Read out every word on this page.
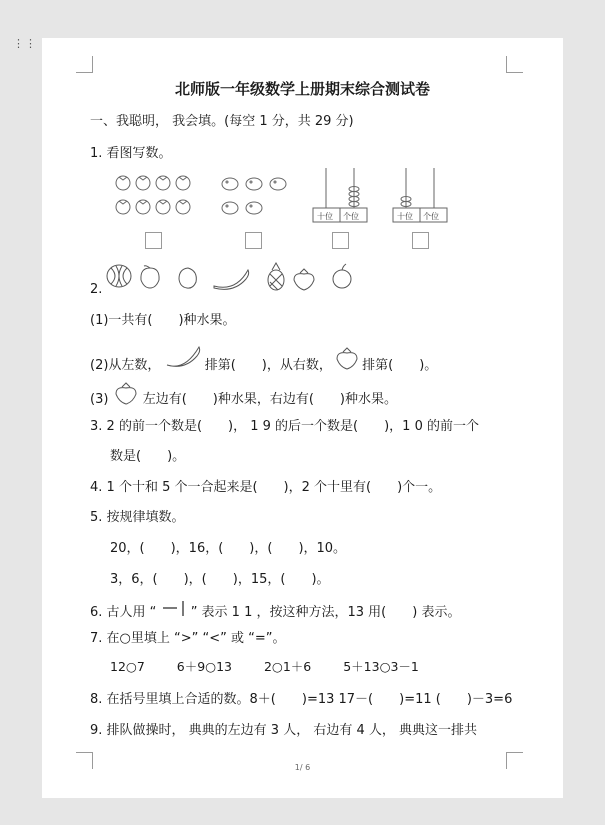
⋮⋮
北师版一年级数学上册期末综合测试卷
一、我聪明， 我会填。(每空 1 分，共 29 分)
1. 看图写数。
十位 个位	十位 个位
2.
(1)一共有(　　)种水果。
(2)从左数，	排第(　　)，从右数， 排第(　　)。
(3)	左边有(　　)种水果，右边有(　　)种水果。
3. 2 的前一个数是(　　)， 1 9 的后一个数是(　　)，1 0 的前一个
数是(　　)。
4. 1 个十和 5 个一合起来是(　　)，2 个十里有(　　)个一。
5. 按规律填数。
20，(　　)，16，(　　)，(　　)，10。
3，6，(　　)，(　　)，15，(　　)。
6. 古人用 “	” 表示 1 1 ，按这种方法，13 用(　　) 表示。
7. 在○里填上 “>” “<” 或 “=”。
12○7	6＋9○13	2○1＋6	5＋13○3－1
8. 在括号里填上合适的数。8＋(　　)=13 17－(　　)=11 (　　)－3=6
9. 排队做操时， 典典的左边有 3 人， 右边有 4 人， 典典这一排共
1/ 6
